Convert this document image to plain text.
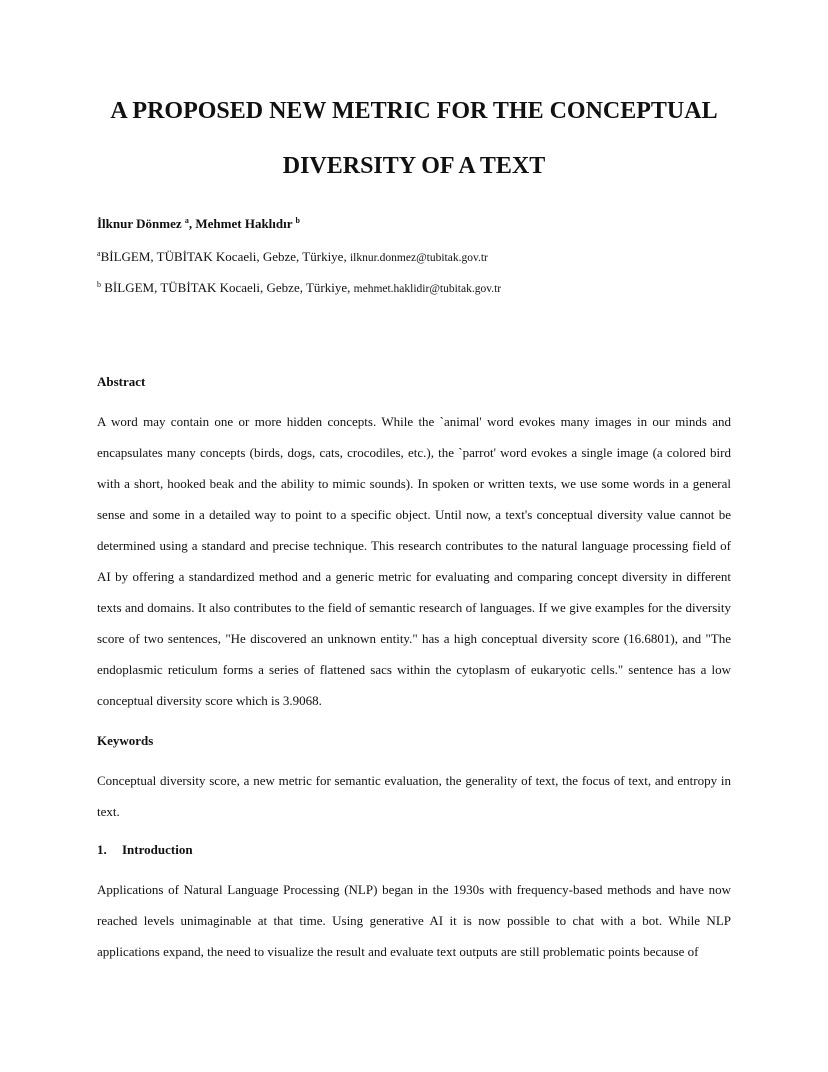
A PROPOSED NEW METRIC FOR THE CONCEPTUAL
DIVERSITY OF A TEXT
İlknur Dönmez $^a$, Mehmet Haklıdır $^b$
$^a$BİLGEM, TÜBİTAK Kocaeli, Gebze, Türkiye, ilknur.donmez@tubitak.gov.tr
$^b$ BİLGEM, TÜBİTAK Kocaeli, Gebze, Türkiye, mehmet.haklidir@tubitak.gov.tr
Abstract

A word may contain one or more hidden concepts. While the `animal' word evokes many images in our minds and encapsulates many concepts (birds, dogs, cats, crocodiles, etc.), the `parrot' word evokes a single image (a colored bird with a short, hooked beak and the ability to mimic sounds). In spoken or written texts, we use some words in a general sense and some in a detailed way to point to a specific object. Until now, a text's conceptual diversity value cannot be determined using a standard and precise technique. This research contributes to the natural language processing field of AI by offering a standardized method and a generic metric for evaluating and comparing concept diversity in different texts and domains. It also contributes to the field of semantic research of languages. If we give examples for the diversity score of two sentences, "He discovered an unknown entity." has a high conceptual diversity score (16.6801), and "The endoplasmic reticulum forms a series of flattened sacs within the cytoplasm of eukaryotic cells." sentence has a low conceptual diversity score which is 3.9068.

Keywords

Conceptual diversity score, a new metric for semantic evaluation, the generality of text, the focus of text, and entropy in text.

1. Introduction

Applications of Natural Language Processing (NLP) began in the 1930s with frequency-based methods and have now reached levels unimaginable at that time. Using generative AI it is now possible to chat with a bot. While NLP applications expand, the need to visualize the result and evaluate text outputs are still problematic points because of
